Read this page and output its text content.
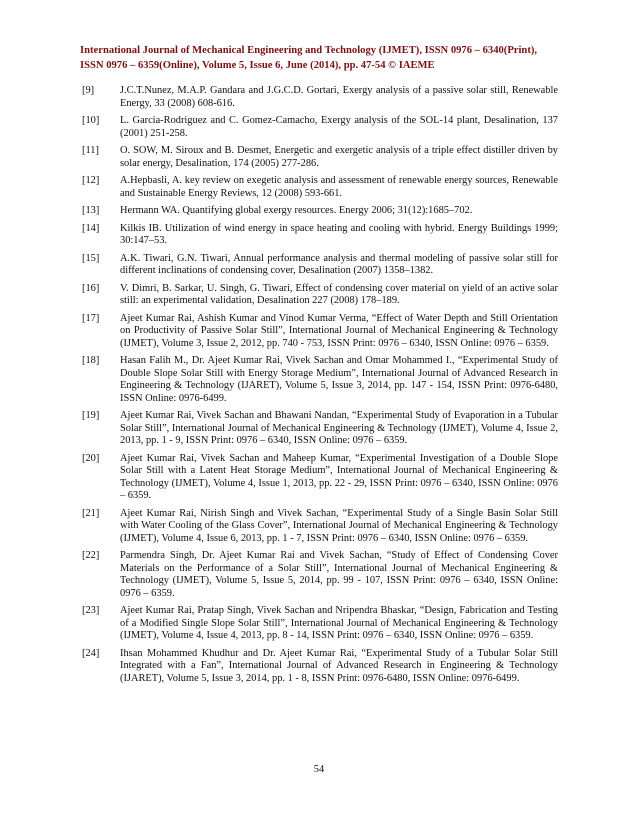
International Journal of Mechanical Engineering and Technology (IJMET), ISSN 0976 – 6340(Print),
ISSN 0976 – 6359(Online), Volume 5, Issue 6, June (2014), pp. 47-54 © IAEME
[9] J.C.T.Nunez, M.A.P. Gandara and J.G.C.D. Gortari, Exergy analysis of a passive solar still, Renewable Energy, 33 (2008) 608-616.
[10] L. Garcia-Rodriguez and C. Gomez-Camacho, Exergy analysis of the SOL-14 plant, Desalination, 137 (2001) 251-258.
[11] O. SOW, M. Siroux and B. Desmet, Energetic and exergetic analysis of a triple effect distiller driven by solar energy, Desalination, 174 (2005) 277-286.
[12] A.Hepbasli, A. key review on exegetic analysis and assessment of renewable energy sources, Renewable and Sustainable Energy Reviews, 12 (2008) 593-661.
[13] Hermann WA. Quantifying global exergy resources. Energy 2006; 31(12):1685–702.
[14] Kilkis IB. Utilization of wind energy in space heating and cooling with hybrid. Energy Buildings 1999; 30:147–53.
[15] A.K. Tiwari, G.N. Tiwari, Annual performance analysis and thermal modeling of passive solar still for different inclinations of condensing cover, Desalination (2007) 1358–1382.
[16] V. Dimri, B. Sarkar, U. Singh, G. Tiwari, Effect of condensing cover material on yield of an active solar still: an experimental validation, Desalination 227 (2008) 178–189.
[17] Ajeet Kumar Rai, Ashish Kumar and Vinod Kumar Verma, “Effect of Water Depth and Still Orientation on Productivity of Passive Solar Still”, International Journal of Mechanical Engineering & Technology (IJMET), Volume 3, Issue 2, 2012, pp. 740 - 753, ISSN Print: 0976 – 6340, ISSN Online: 0976 – 6359.
[18] Hasan Falih M., Dr. Ajeet Kumar Rai, Vivek Sachan and Omar Mohammed I., “Experimental Study of Double Slope Solar Still with Energy Storage Medium”, International Journal of Advanced Research in Engineering & Technology (IJARET), Volume 5, Issue 3, 2014, pp. 147 - 154, ISSN Print: 0976-6480, ISSN Online: 0976-6499.
[19] Ajeet Kumar Rai, Vivek Sachan and Bhawani Nandan, “Experimental Study of Evaporation in a Tubular Solar Still”, International Journal of Mechanical Engineering & Technology (IJMET), Volume 4, Issue 2, 2013, pp. 1 - 9, ISSN Print: 0976 – 6340, ISSN Online: 0976 – 6359.
[20] Ajeet Kumar Rai, Vivek Sachan and Maheep Kumar, “Experimental Investigation of a Double Slope Solar Still with a Latent Heat Storage Medium”, International Journal of Mechanical Engineering & Technology (IJMET), Volume 4, Issue 1, 2013, pp. 22 - 29, ISSN Print: 0976 – 6340, ISSN Online: 0976 – 6359.
[21] Ajeet Kumar Rai, Nirish Singh and Vivek Sachan, “Experimental Study of a Single Basin Solar Still with Water Cooling of the Glass Cover”, International Journal of Mechanical Engineering & Technology (IJMET), Volume 4, Issue 6, 2013, pp. 1 - 7, ISSN Print: 0976 – 6340, ISSN Online: 0976 – 6359.
[22] Parmendra Singh, Dr. Ajeet Kumar Rai and Vivek Sachan, “Study of Effect of Condensing Cover Materials on the Performance of a Solar Still”, International Journal of Mechanical Engineering & Technology (IJMET), Volume 5, Issue 5, 2014, pp. 99 - 107, ISSN Print: 0976 – 6340, ISSN Online: 0976 – 6359.
[23] Ajeet Kumar Rai, Pratap Singh, Vivek Sachan and Nripendra Bhaskar, “Design, Fabrication and Testing of a Modified Single Slope Solar Still”, International Journal of Mechanical Engineering & Technology (IJMET), Volume 4, Issue 4, 2013, pp. 8 - 14, ISSN Print: 0976 – 6340, ISSN Online: 0976 – 6359.
[24] Ihsan Mohammed Khudhur and Dr. Ajeet Kumar Rai, “Experimental Study of a Tubular Solar Still Integrated with a Fan”, International Journal of Advanced Research in Engineering & Technology (IJARET), Volume 5, Issue 3, 2014, pp. 1 - 8, ISSN Print: 0976-6480, ISSN Online: 0976-6499.
54
